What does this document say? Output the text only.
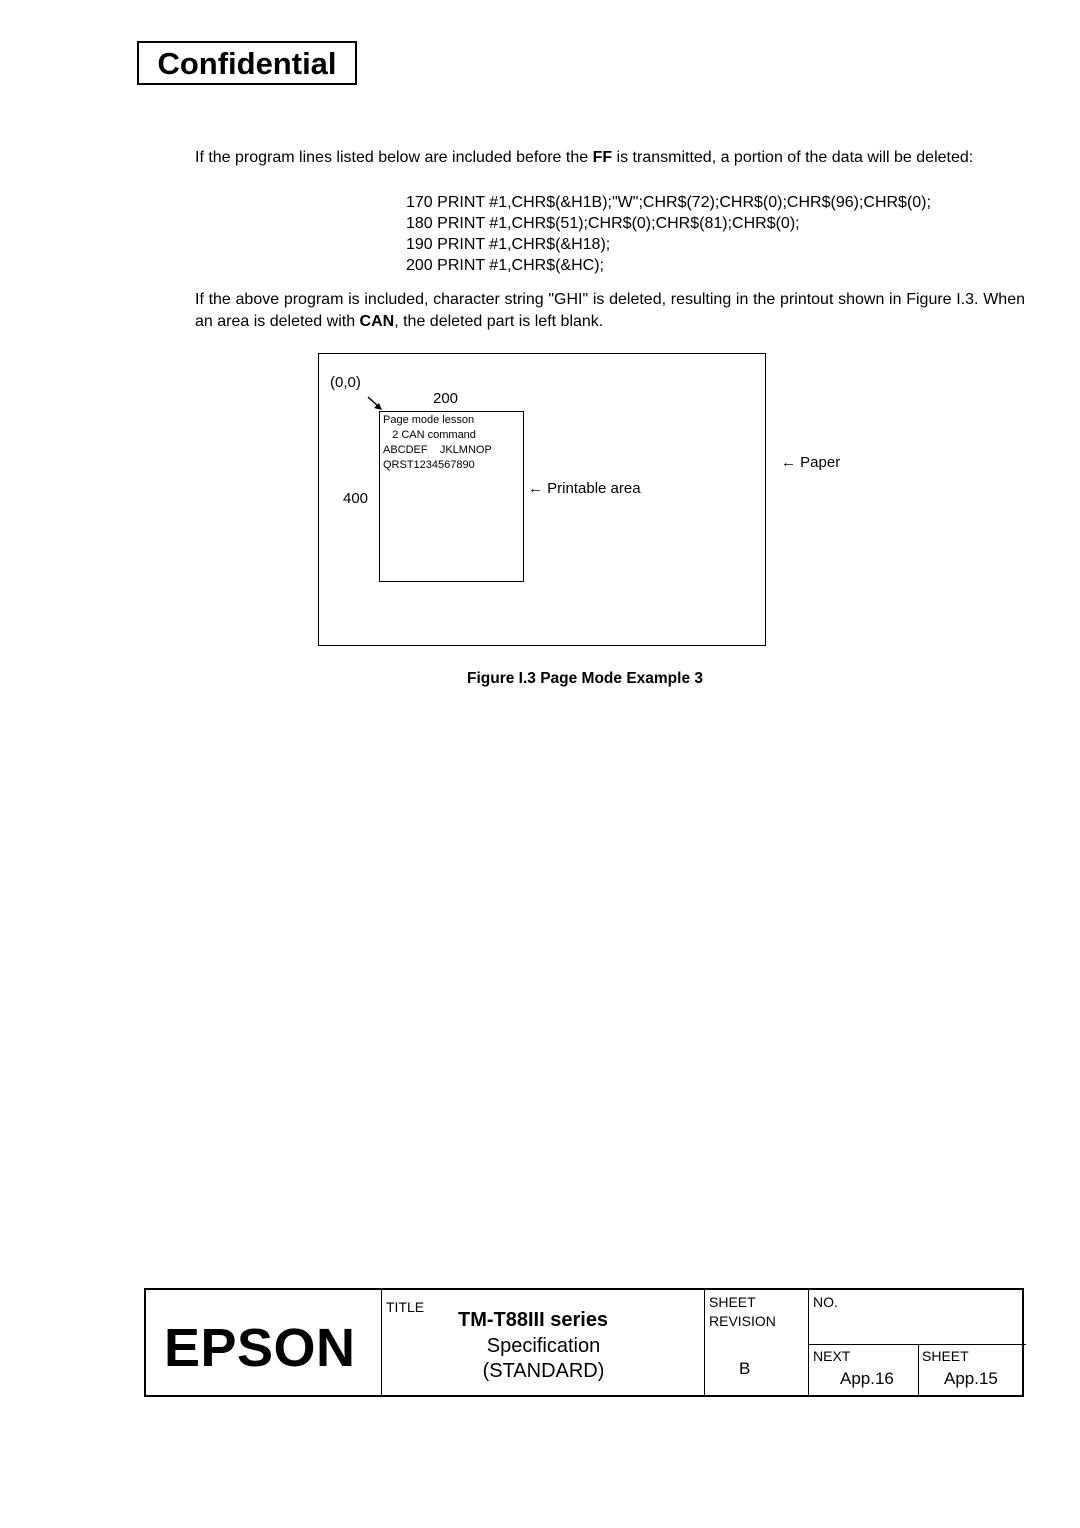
Confidential
If the program lines listed below are included before the FF is transmitted, a portion of the data will be deleted:
170 PRINT #1,CHR$(&H1B);"W";CHR$(72);CHR$(0);CHR$(96);CHR$(0);
180 PRINT #1,CHR$(51);CHR$(0);CHR$(81);CHR$(0);
190 PRINT #1,CHR$(&H18);
200 PRINT #1,CHR$(&HC);
If the above program is included, character string "GHI" is deleted, resulting in the printout shown in Figure I.3. When an area is deleted with CAN, the deleted part is left blank.
(0,0)
200
400
Page mode lesson
2 CAN command
ABCDEF    JKLMNOP
QRST1234567890
← Printable area
← Paper
Figure I.3 Page Mode Example 3
EPSON
TITLE
TM-T88III series
Specification
(STANDARD)
SHEET
REVISION
B
NO.
NEXT	SHEET
App.16	App.15
